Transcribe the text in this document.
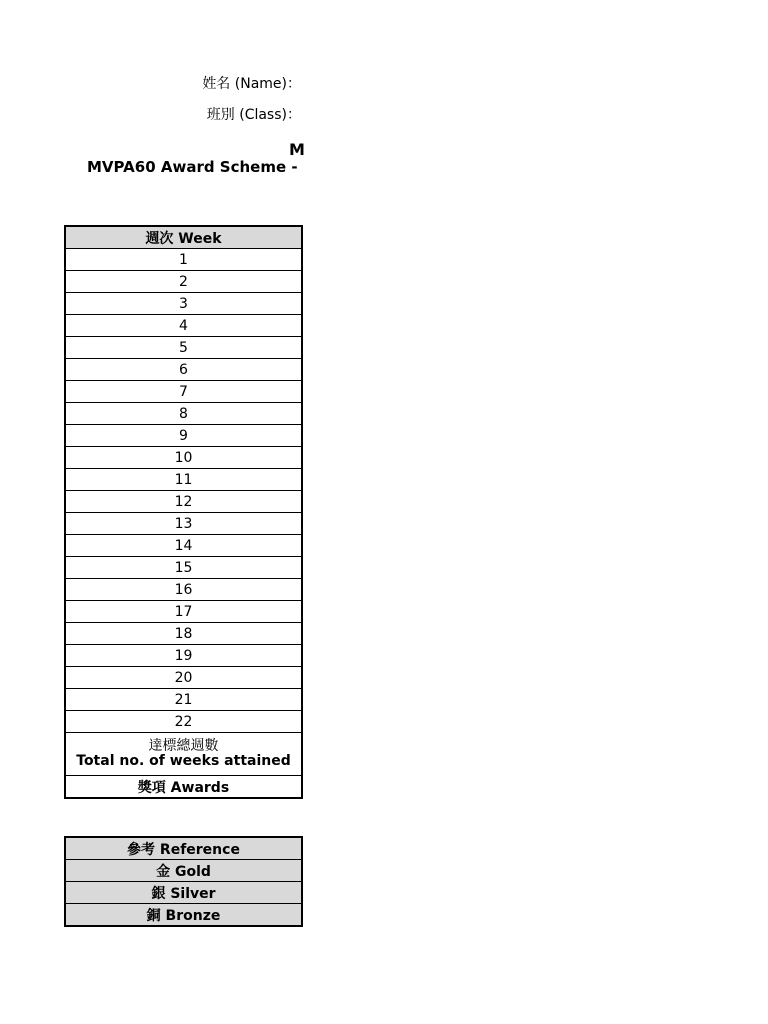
姓名 (Name)：
班別 (Class)：
M
MVPA60 Award Scheme -
週次 Week
1
2
3
4
5
6
7
8
9
10
11
12
13
14
15
16
17
18
19
20
21
22

達標總週數
Total no. of weeks attained
獎項 Awards
參考 Reference
金 Gold
銀 Silver
銅 Bronze
